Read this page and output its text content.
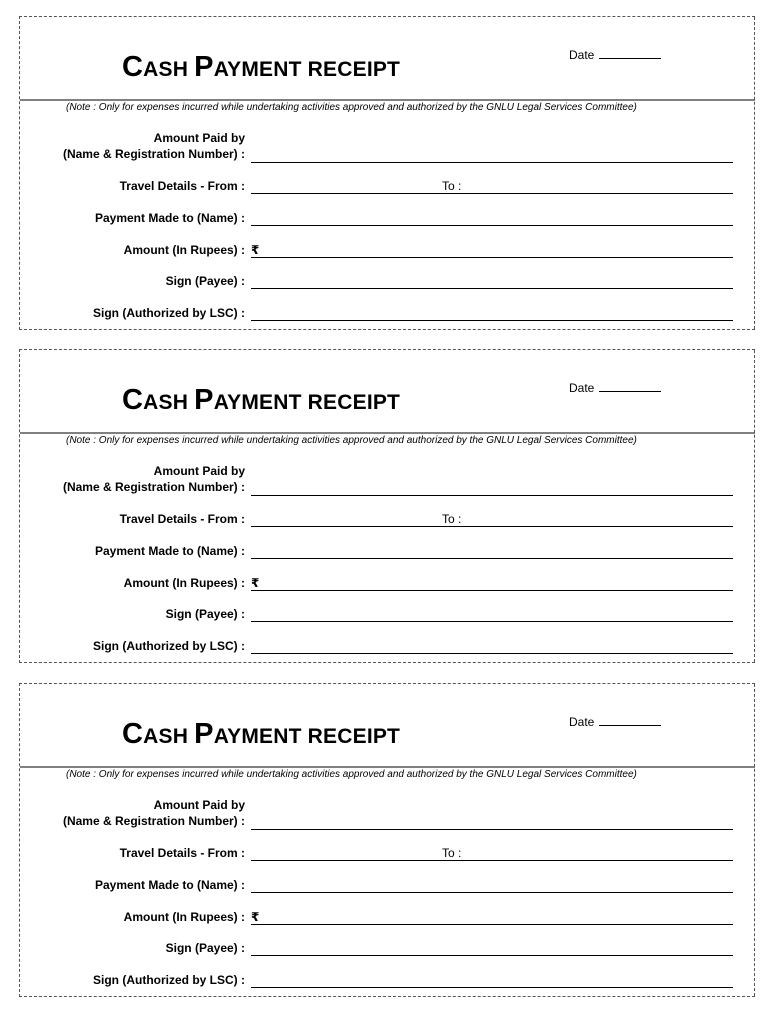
CASH PAYMENT RECEIPT
Date
(Note : Only for expenses incurred while undertaking activities approved and authorized by the GNLU Legal Services Committee)
Amount Paid by
(Name & Registration Number) :
Travel Details - From :	To :
Payment Made to (Name) :
Amount (In Rupees) : ₹
Sign (Payee) :
Sign (Authorized by LSC) :
CASH PAYMENT RECEIPT
Date
(Note : Only for expenses incurred while undertaking activities approved and authorized by the GNLU Legal Services Committee)
Amount Paid by
(Name & Registration Number) :
Travel Details - From :	To :
Payment Made to (Name) :
Amount (In Rupees) : ₹
Sign (Payee) :
Sign (Authorized by LSC) :
CASH PAYMENT RECEIPT
Date
(Note : Only for expenses incurred while undertaking activities approved and authorized by the GNLU Legal Services Committee)
Amount Paid by
(Name & Registration Number) :
Travel Details - From :	To :
Payment Made to (Name) :
Amount (In Rupees) : ₹
Sign (Payee) :
Sign (Authorized by LSC) :
